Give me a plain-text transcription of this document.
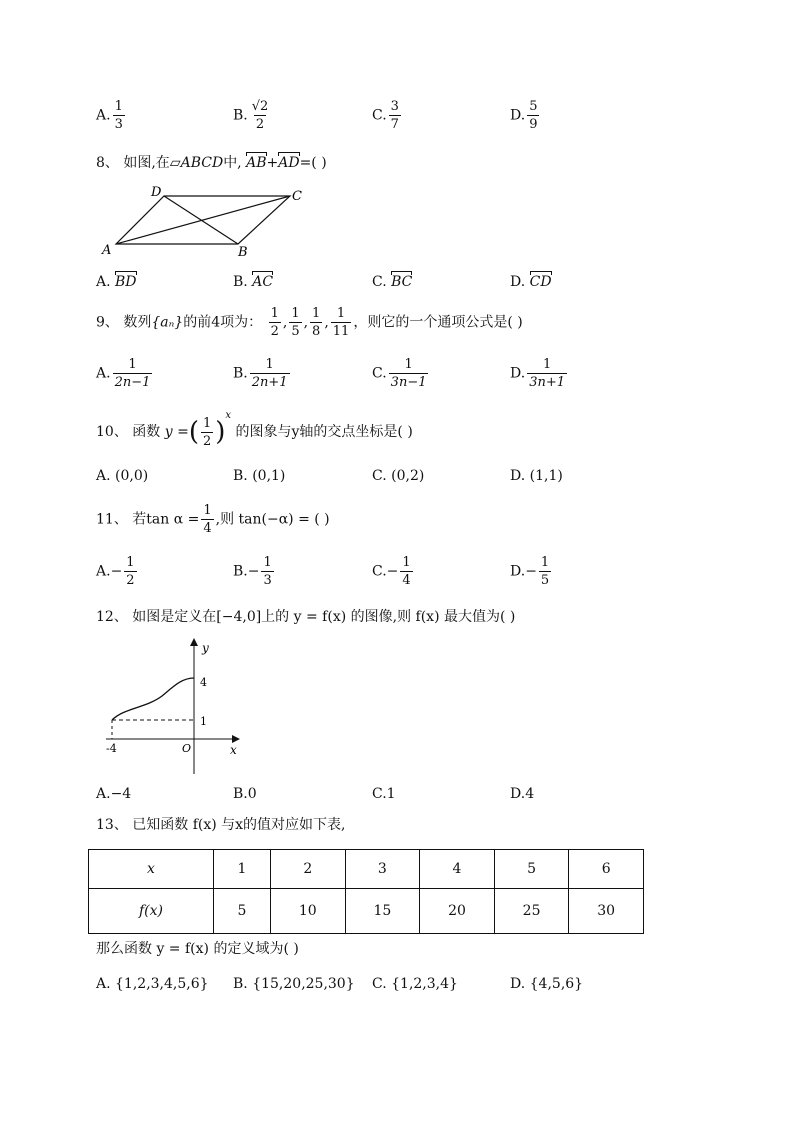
A. $\frac{1}{3}$	B. $\frac{√2}{2}$	C. $\frac{3}{7}$	D. $\frac{5}{9}$
8、 如图,在▱ABCD中, AB+AD=( )
A	B
C
D
A. BD	B. AC	C. BC	D. CD
9、 数列{aₙ}的前4项为： $\frac{1}{2}$ , $\frac{1}{5}$ , $\frac{1}{8}$ , $\frac{1}{11}$ ，则它的一个通项公式是( )
A. $\frac{1}{2n-1}$	B. $\frac{1}{2n+1}$	C. $\frac{1}{3n-1}$	D. $\frac{1}{3n+1}$
10、 函数 y =( $\frac{1}{2} )^x$ 的图象与y轴的交点坐标是( )
A. (0,0)	B. (0,1)	C. (0,2)	D. (1,1)
11、 若$\tan \alpha = \frac{1}{4}$ ,则 tan(−α) = ( )
$A.- \frac{1}{2}$	$B.- \frac{1}{3}$	$C.- \frac{1}{4}$	$D.- \frac{1}{5}$
12、 如图是定义在[−4,0]上的 y = f(x) 的图像,则 f(x) 最大值为( )
y
x
O
4
1
-4
A.−4	B.0	C.1	D.4
13、 已知函数 f(x) 与x的值对应如下表,
x	1	2	3	4	5	6
f(x)	5	10	15	20	25	30
那么函数 y = f(x) 的定义域为( )
A. {1,2,3,4,5,6} B. {15,20,25,30} C. {1,2,3,4}	D. {4,5,6}
